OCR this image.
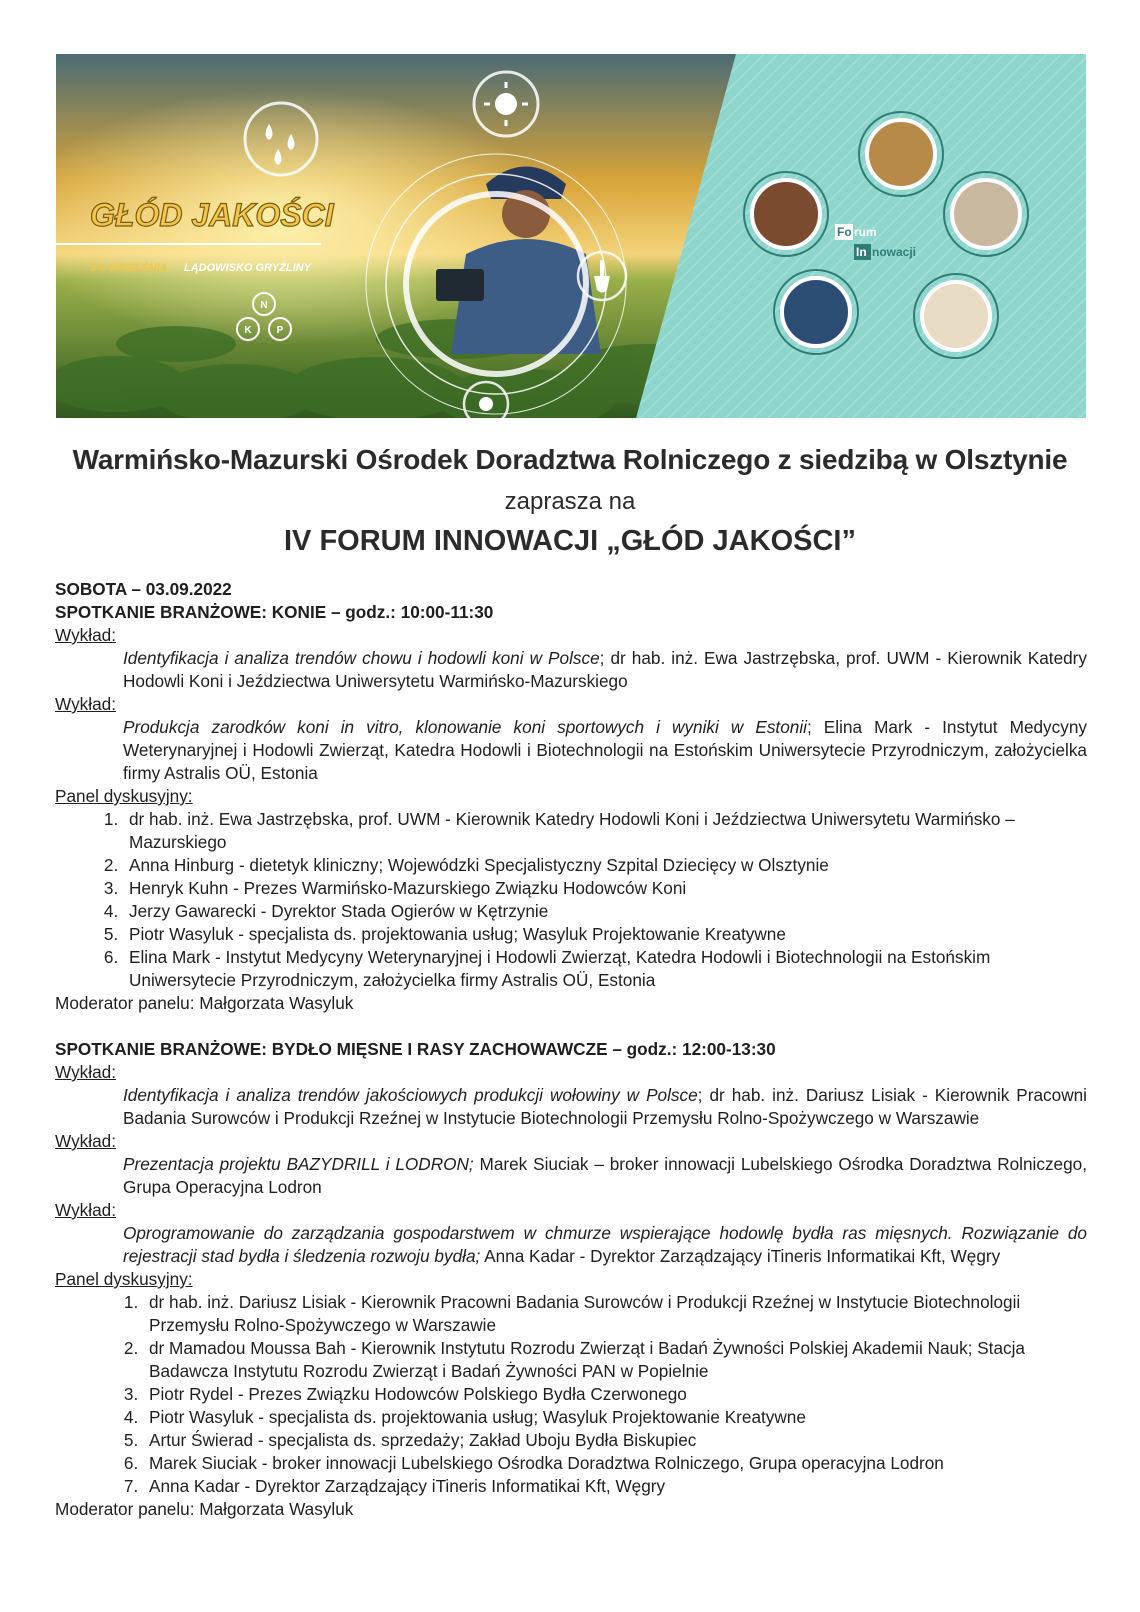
N
K	P
GŁÓD JAKOŚCI
3-4 WRZEŚNIA LĄDOWISKO GRYŹLINY
Fo rum
In nowacji
Warmińsko-Mazurski Ośrodek Doradztwa Rolniczego z siedzibą w Olsztynie
zaprasza na
IV FORUM INNOWACJI „GŁÓD JAKOŚCI”
SOBOTA – 03.09.2022
SPOTKANIE BRANŻOWE: KONIE – godz.: 10:00-11:30
Wykład:
Identyfikacja i analiza trendów chowu i hodowli koni w Polsce; dr hab. inż. Ewa Jastrzębska, prof. UWM - Kierownik Katedry Hodowli Koni i Jeździectwa Uniwersytetu Warmińsko-Mazurskiego
Wykład:
Produkcja zarodków koni in vitro, klonowanie koni sportowych i wyniki w Estonii; Elina Mark - Instytut Medycyny Weterynaryjnej i Hodowli Zwierząt, Katedra Hodowli i Biotechnologii na Estońskim Uniwersytecie Przyrodniczym, założycielka firmy Astralis OÜ, Estonia
Panel dyskusyjny:
1. dr hab. inż. Ewa Jastrzębska, prof. UWM - Kierownik Katedry Hodowli Koni i Jeździectwa Uniwersytetu Warmińsko – Mazurskiego
2. Anna Hinburg - dietetyk kliniczny; Wojewódzki Specjalistyczny Szpital Dziecięcy w Olsztynie
3. Henryk Kuhn - Prezes Warmińsko-Mazurskiego Związku Hodowców Koni
4. Jerzy Gawarecki - Dyrektor Stada Ogierów w Kętrzynie
5. Piotr Wasyluk - specjalista ds. projektowania usług; Wasyluk Projektowanie Kreatywne
6. Elina Mark - Instytut Medycyny Weterynaryjnej i Hodowli Zwierząt, Katedra Hodowli i Biotechnologii na Estońskim Uniwersytecie Przyrodniczym, założycielka firmy Astralis OÜ, Estonia
Moderator panelu: Małgorzata Wasyluk
SPOTKANIE BRANŻOWE: BYDŁO MIĘSNE I RASY ZACHOWAWCZE – godz.: 12:00-13:30
Wykład:
Identyfikacja i analiza trendów jakościowych produkcji wołowiny w Polsce; dr hab. inż. Dariusz Lisiak - Kierownik Pracowni Badania Surowców i Produkcji Rzeźnej w Instytucie Biotechnologii Przemysłu Rolno-Spożywczego w Warszawie
Wykład:
Prezentacja projektu BAZYDRILL i LODRON; Marek Siuciak – broker innowacji Lubelskiego Ośrodka Doradztwa Rolniczego, Grupa Operacyjna Lodron
Wykład:
Oprogramowanie do zarządzania gospodarstwem w chmurze wspierające hodowlę bydła ras mięsnych. Rozwiązanie do rejestracji stad bydła i śledzenia rozwoju bydła; Anna Kadar - Dyrektor Zarządzający iTineris Informatikai Kft, Węgry
Panel dyskusyjny:
1. dr hab. inż. Dariusz Lisiak - Kierownik Pracowni Badania Surowców i Produkcji Rzeźnej w Instytucie Biotechnologii Przemysłu Rolno-Spożywczego w Warszawie
2. dr Mamadou Moussa Bah - Kierownik Instytutu Rozrodu Zwierząt i Badań Żywności Polskiej Akademii Nauk; Stacja Badawcza Instytutu Rozrodu Zwierząt i Badań Żywności PAN w Popielnie
3. Piotr Rydel - Prezes Związku Hodowców Polskiego Bydła Czerwonego
4. Piotr Wasyluk - specjalista ds. projektowania usług; Wasyluk Projektowanie Kreatywne
5. Artur Świerad - specjalista ds. sprzedaży; Zakład Uboju Bydła Biskupiec
6. Marek Siuciak - broker innowacji Lubelskiego Ośrodka Doradztwa Rolniczego, Grupa operacyjna Lodron
7. Anna Kadar - Dyrektor Zarządzający iTineris Informatikai Kft, Węgry
Moderator panelu: Małgorzata Wasyluk
